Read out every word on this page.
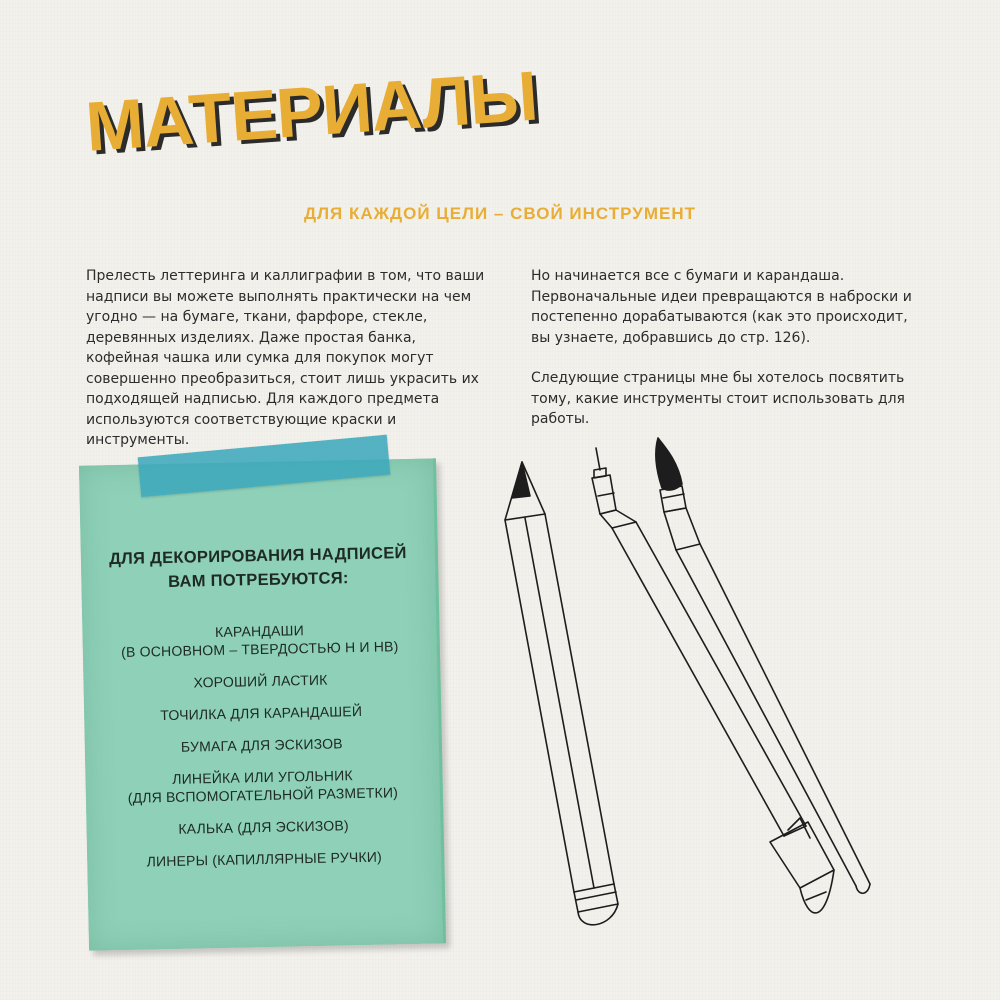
МАТЕРИАЛЫ
ДЛЯ КАЖДОЙ ЦЕЛИ – СВОЙ ИНСТРУМЕНТ

Прелесть леттеринга и каллиграфии в том, что ваши надписи вы можете выполнять практически на чем угодно — на бумаге, ткани, фарфоре, стекле, деревянных изделиях. Даже простая банка, кофейная чашка или сумка для покупок могут совершенно преобразиться, стоит лишь украсить их подходящей надписью. Для каждого предмета используются соответствующие краски и инструменты.

Но начинается все с бумаги и карандаша. Первоначальные идеи превращаются в наброски и постепенно дорабатываются (как это происходит, вы узнаете, добравшись до стр. 126).

Следующие страницы мне бы хотелось посвятить тому, какие инструменты стоит использовать для работы.

ДЛЯ ДЕКОРИРОВАНИЯ НАДПИСЕЙ
ВАМ ПОТРЕБУЮТСЯ:
КАРАНДАШИ
(В ОСНОВНОМ – ТВЕРДОСТЬЮ H И HB)
ХОРОШИЙ ЛАСТИК
ТОЧИЛКА ДЛЯ КАРАНДАШЕЙ
БУМАГА ДЛЯ ЭСКИЗОВ
ЛИНЕЙКА ИЛИ УГОЛЬНИК
(ДЛЯ ВСПОМОГАТЕЛЬНОЙ РАЗМЕТКИ)
КАЛЬКА (ДЛЯ ЭСКИЗОВ)
ЛИНЕРЫ (КАПИЛЛЯРНЫЕ РУЧКИ)
